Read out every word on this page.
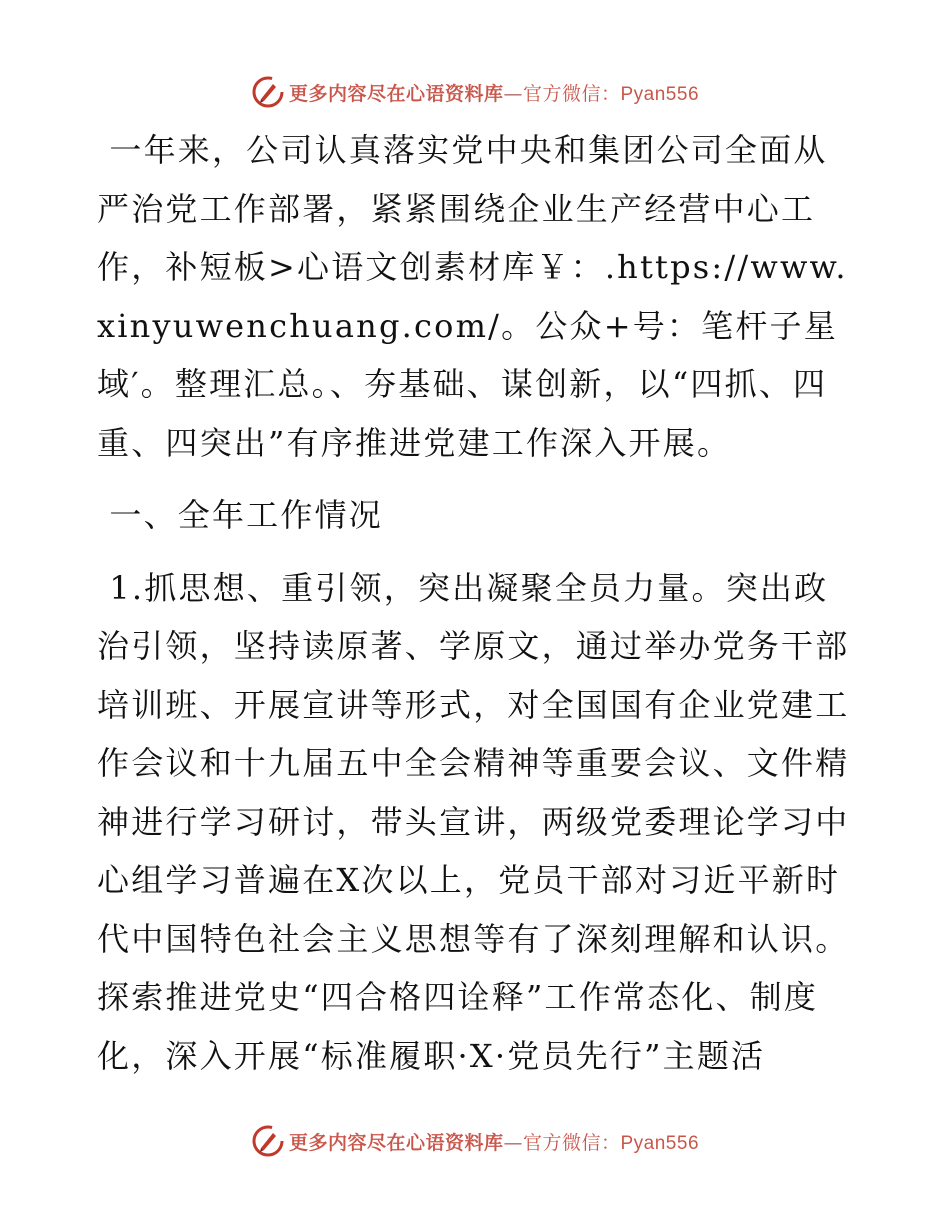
更多内容尽在心语资料库—官方微信：Pyan556

一年来，公司认真落实党中央和集团公司全面从严治党工作部署，紧紧围绕企业生产经营中心工作，补短板>心语文创素材库￥：.https://www.xinyuwenchuang.com/。公众+号：笔杆子星域′。整理汇总。、夯基础、谋创新，以“四抓、四重、四突出”有序推进党建工作深入开展。

一、全年工作情况

1.抓思想、重引领，突出凝聚全员力量。突出政治引领，坚持读原著、学原文，通过举办党务干部培训班、开展宣讲等形式，对全国国有企业党建工作会议和十九届五中全会精神等重要会议、文件精神进行学习研讨，带头宣讲，两级党委理论学习中心组学习普遍在X次以上，党员干部对习近平新时代中国特色社会主义思想等有了深刻理解和认识。探索推进党史“四合格四诠释”工作常态化、制度化，深入开展“标准履职·X·党员先行”主题活

更多内容尽在心语资料库—官方微信：Pyan556
